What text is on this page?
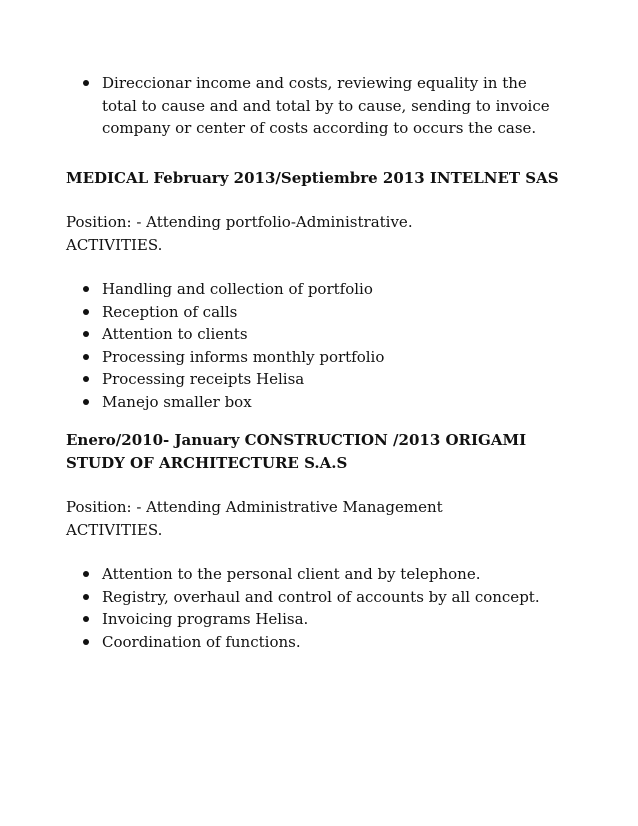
Direccionar income and costs, reviewing equality in the total to cause and and total by to cause, sending to invoice company or center of costs according to occurs the case.

MEDICAL February 2013/Septiembre 2013 INTELNET SAS

Position: - Attending portfolio-Administrative.

ACTIVITIES.

Handling and collection of portfolio
Reception of calls
Attention to clients
Processing informs monthly portfolio
Processing receipts Helisa
Manejo smaller box

Enero/2010- January CONSTRUCTION /2013 ORIGAMI STUDY OF ARCHITECTURE S.A.S

Position: - Attending Administrative Management

ACTIVITIES.

Attention to the personal client and by telephone.
Registry, overhaul and control of accounts by all concept.
Invoicing programs Helisa.
Coordination of functions.
